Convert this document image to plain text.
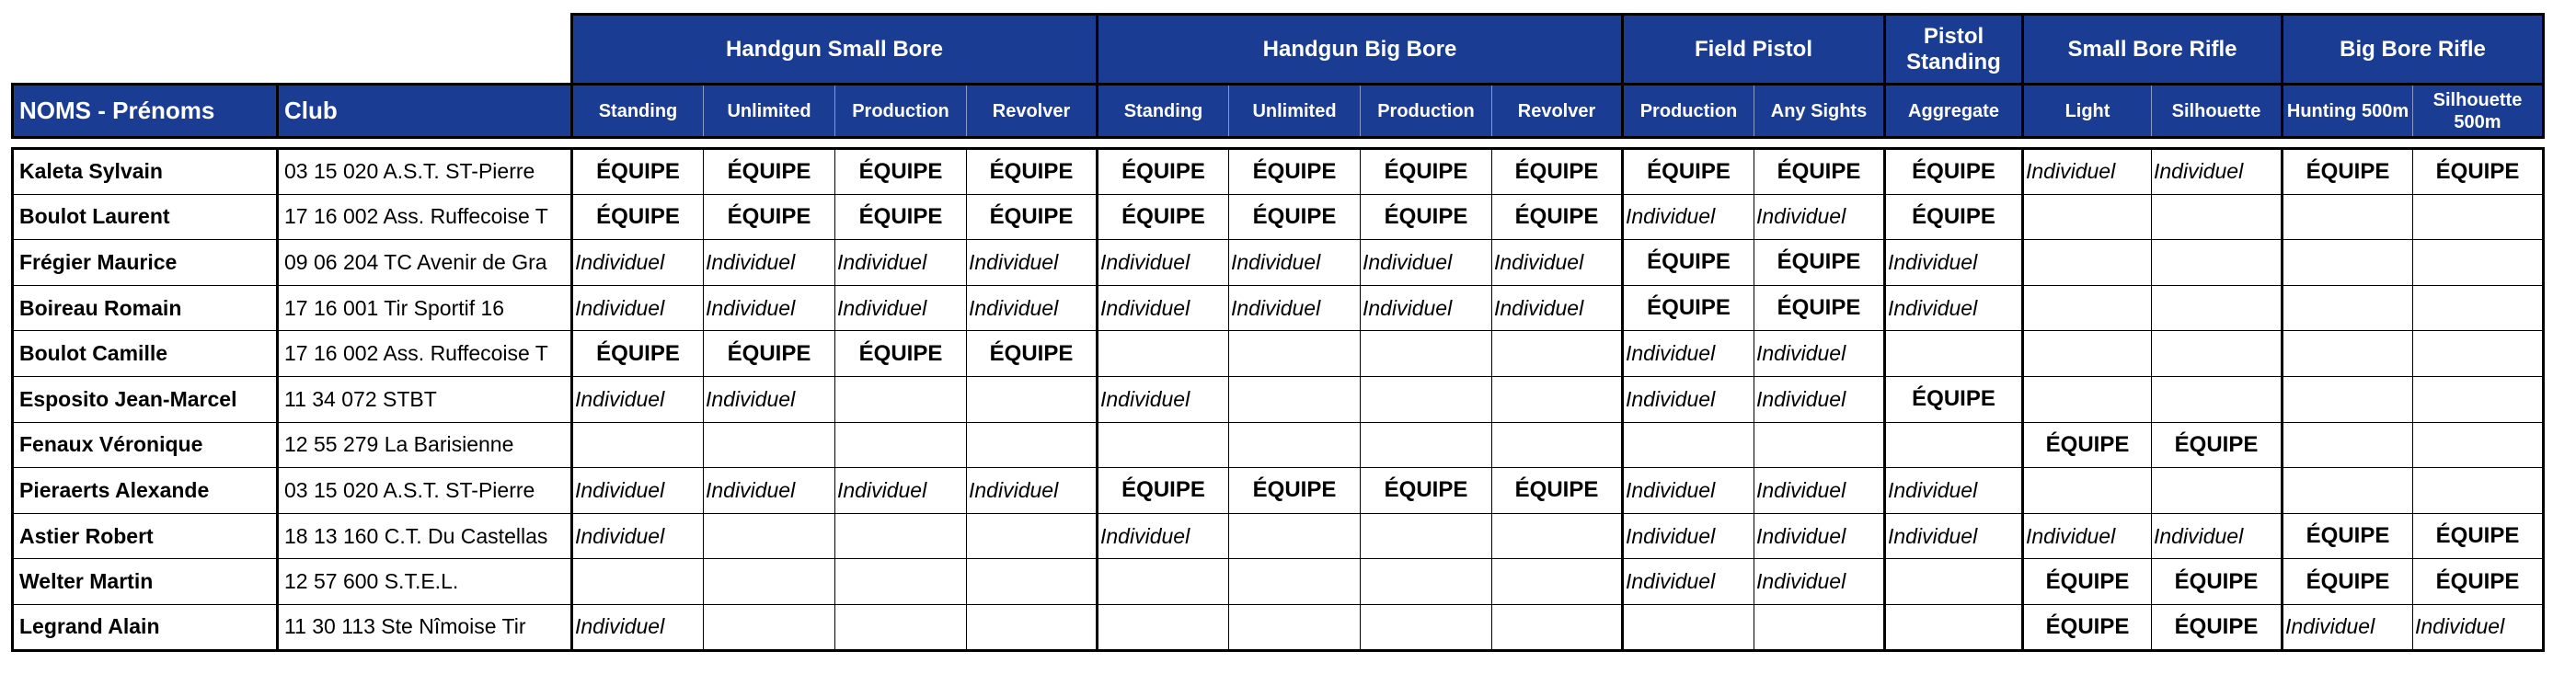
		Handgun Small Bore				Handgun Big Bore				Field Pistol		Pistol Standing	Small Bore Rifle		Big Bore Rifle	
NOMS - Prénoms	Club	Standing	Unlimited	Production	Revolver	Standing	Unlimited	Production	Revolver	Production	Any Sights	Aggregate	Light	Silhouette	Hunting 500m	Silhouette 500m

Kaleta Sylvain	03 15 020 A.S.T. ST-Pierre	ÉQUIPE	ÉQUIPE	ÉQUIPE	ÉQUIPE	ÉQUIPE	ÉQUIPE	ÉQUIPE	ÉQUIPE	ÉQUIPE	ÉQUIPE	ÉQUIPE	Individuel	Individuel	ÉQUIPE	ÉQUIPE
Boulot Laurent	17 16 002 Ass. Ruffecoise T	ÉQUIPE	ÉQUIPE	ÉQUIPE	ÉQUIPE	ÉQUIPE	ÉQUIPE	ÉQUIPE	ÉQUIPE	Individuel	Individuel	ÉQUIPE				
Frégier Maurice	09 06 204 TC Avenir de Gra	Individuel	Individuel	Individuel	Individuel	Individuel	Individuel	Individuel	Individuel	ÉQUIPE	ÉQUIPE	Individuel				

Boireau Romain	17 16 001 Tir Sportif 16	Individuel	Individuel	Individuel	Individuel	Individuel	Individuel	Individuel	Individuel	ÉQUIPE	ÉQUIPE	Individuel				

Boulot Camille	17 16 002 Ass. Ruffecoise T	ÉQUIPE	ÉQUIPE	ÉQUIPE	ÉQUIPE					Individuel	Individuel					

Esposito Jean-Marcel	11 34 072 STBT	Individuel	Individuel			Individuel				Individuel	Individuel	ÉQUIPE				
Fenaux Véronique	12 55 279 La Barisienne												ÉQUIPE	ÉQUIPE		
Pieraerts Alexande	03 15 020 A.S.T. ST-Pierre	Individuel	Individuel	Individuel	Individuel	ÉQUIPE	ÉQUIPE	ÉQUIPE	ÉQUIPE	Individuel	Individuel	Individuel				

Astier Robert	18 13 160 C.T. Du Castellas	Individuel				Individuel				Individuel	Individuel	Individuel	Individuel	Individuel	ÉQUIPE	ÉQUIPE
Welter Martin	12 57 600 S.T.E.L.									Individuel	Individuel		ÉQUIPE	ÉQUIPE	ÉQUIPE	ÉQUIPE
Legrand Alain	11 30 113 Ste Nîmoise Tir	Individuel											ÉQUIPE	ÉQUIPE	Individuel	Individuel
